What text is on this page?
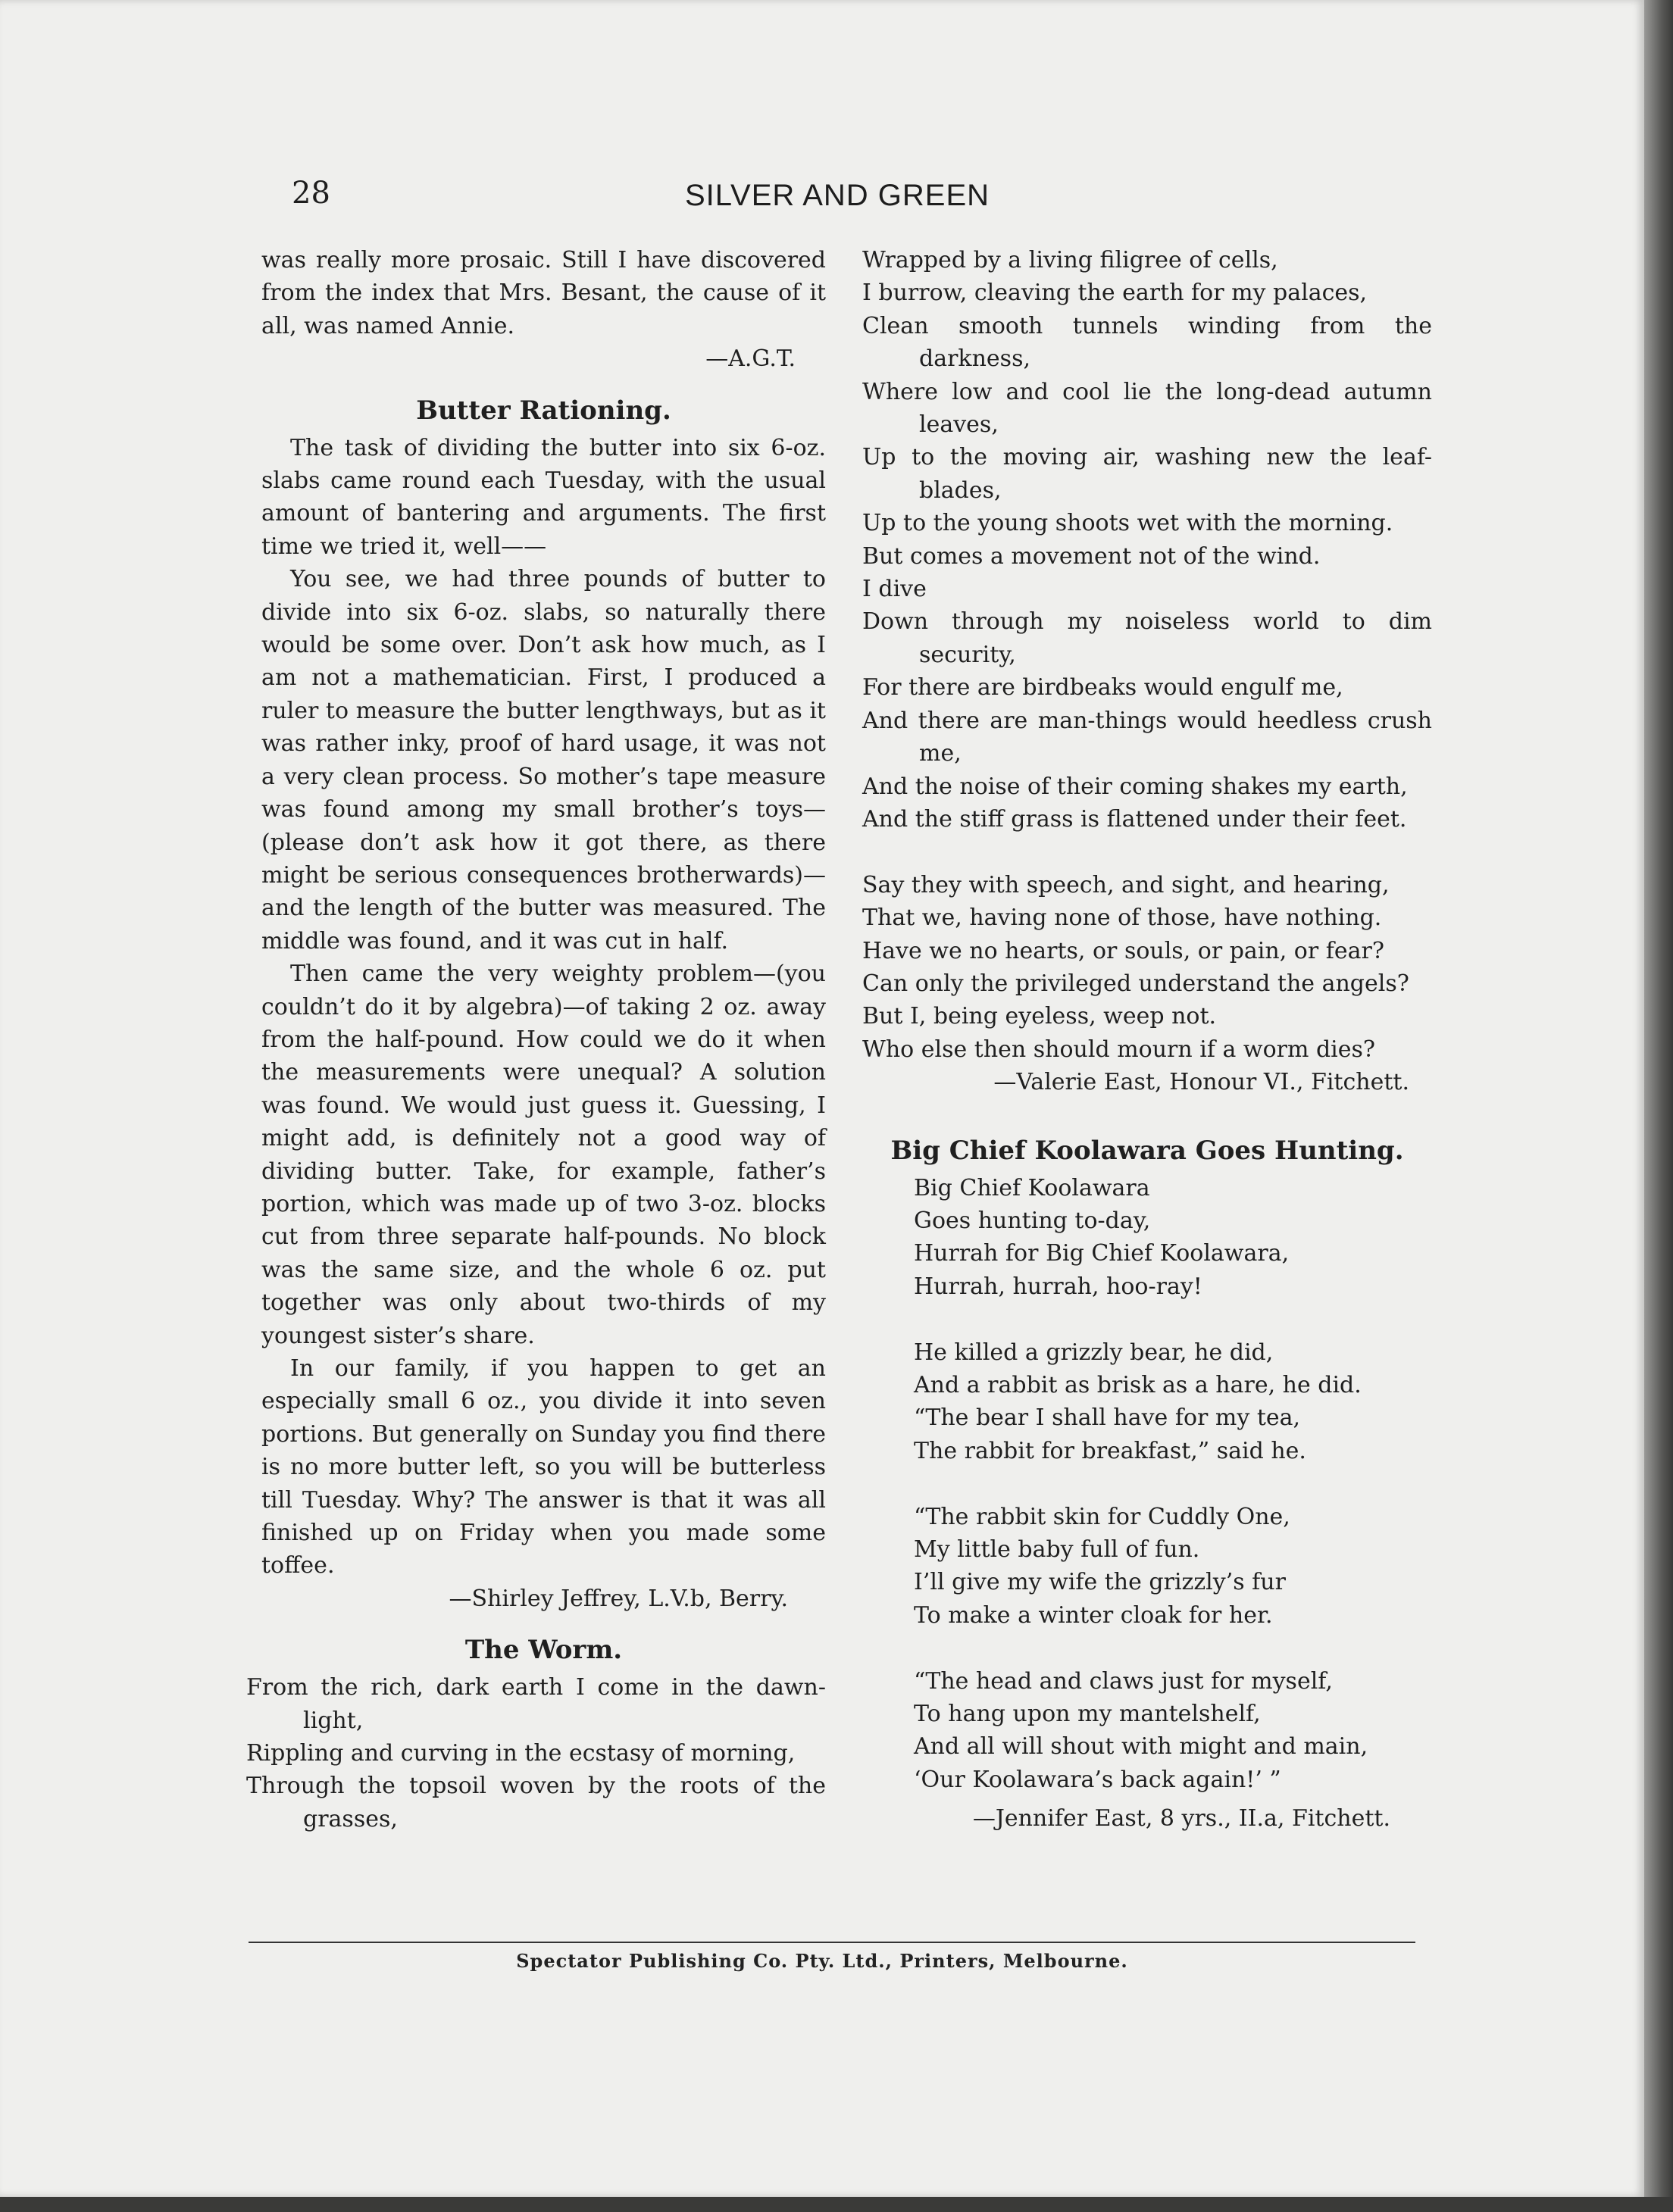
28	SILVER AND GREEN

was really more prosaic. Still I have discovered from the index that Mrs. Besant, the cause of it all, was named Annie.

—A.G.T.

Butter Rationing.

The task of dividing the butter into six 6-oz. slabs came round each Tuesday, with the usual amount of bantering and arguments. The first time we tried it, well——

You see, we had three pounds of butter to divide into six 6-oz. slabs, so naturally there would be some over. Don’t ask how much, as I am not a mathematician. First, I produced a ruler to measure the butter lengthways, but as it was rather inky, proof of hard usage, it was not a very clean process. So mother’s tape measure was found among my small brother’s toys—(please don’t ask how it got there, as there might be serious consequences brotherwards)—and the length of the butter was measured. The middle was found, and it was cut in half.

Then came the very weighty problem—(you couldn’t do it by algebra)—of taking 2 oz. away from the half-pound. How could we do it when the measurements were unequal? A solution was found. We would just guess it. Guessing, I might add, is definitely not a good way of dividing butter. Take, for example, father’s portion, which was made up of two 3-oz. blocks cut from three separate half-pounds. No block was the same size, and the whole 6 oz. put together was only about two-thirds of my youngest sister’s share.

In our family, if you happen to get an especially small 6 oz., you divide it into seven portions. But generally on Sunday you find there is no more butter left, so you will be butterless till Tuesday. Why? The answer is that it was all finished up on Friday when you made some toffee.

—Shirley Jeffrey, L.V.b, Berry.

The Worm.

From the rich, dark earth I come in the dawn-light,

Rippling and curving in the ecstasy of morning,

Through the topsoil woven by the roots of the grasses,

Wrapped by a living filigree of cells,

I burrow, cleaving the earth for my palaces,

Clean smooth tunnels winding from the darkness,

Where low and cool lie the long-dead autumn leaves,

Up to the moving air, washing new the leaf-blades,

Up to the young shoots wet with the morning.

But comes a movement not of the wind.

I dive

Down through my noiseless world to dim security,

For there are birdbeaks would engulf me,

And there are man-things would heedless crush me,

And the noise of their coming shakes my earth,

And the stiff grass is flattened under their feet.

Say they with speech, and sight, and hearing,

That we, having none of those, have nothing.

Have we no hearts, or souls, or pain, or fear?

Can only the privileged understand the angels?

But I, being eyeless, weep not.

Who else then should mourn if a worm dies?

—Valerie East, Honour VI., Fitchett.

Big Chief Koolawara Goes Hunting.

Big Chief Koolawara

Goes hunting to-day,

Hurrah for Big Chief Koolawara,

Hurrah, hurrah, hoo-ray!

He killed a grizzly bear, he did,

And a rabbit as brisk as a hare, he did.

“The bear I shall have for my tea,

The rabbit for breakfast,” said he.

“The rabbit skin for Cuddly One,

My little baby full of fun.

I’ll give my wife the grizzly’s fur

To make a winter cloak for her.

“The head and claws just for myself,

To hang upon my mantelshelf,

And all will shout with might and main,

‘Our Koolawara’s back again!’ ”

—Jennifer East, 8 yrs., II.a, Fitchett.

Spectator Publishing Co. Pty. Ltd., Printers, Melbourne.
